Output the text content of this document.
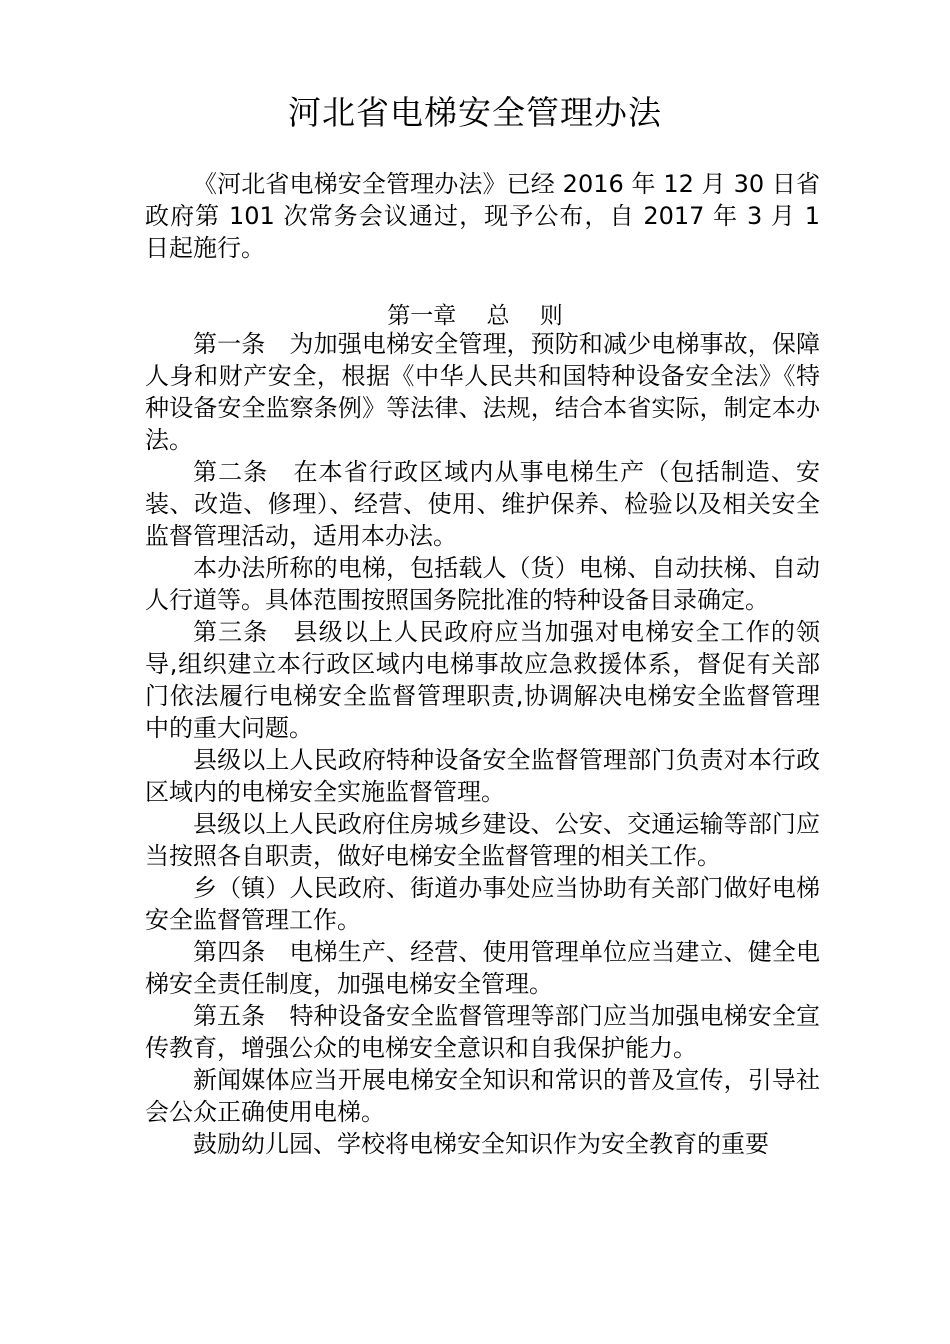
河北省电梯安全管理办法

《河北省电梯安全管理办法》已经 2016 年 12 月 30 日省政府第 101 次常务会议通过，现予公布，自 2017 年 3 月 1 日起施行。

第一章　 总　 则

第一条　为加强电梯安全管理，预防和减少电梯事故，保障人身和财产安全，根据《中华人民共和国特种设备安全法》《特种设备安全监察条例》等法律、法规，结合本省实际，制定本办法。

第二条　在本省行政区域内从事电梯生产（包括制造、安装、改造、修理）、经营、使用、维护保养、检验以及相关安全监督管理活动，适用本办法。

本办法所称的电梯，包括载人（货）电梯、自动扶梯、自动人行道等。具体范围按照国务院批准的特种设备目录确定。

第三条　县级以上人民政府应当加强对电梯安全工作的领导,组织建立本行政区域内电梯事故应急救援体系，督促有关部门依法履行电梯安全监督管理职责,协调解决电梯安全监督管理中的重大问题。

县级以上人民政府特种设备安全监督管理部门负责对本行政区域内的电梯安全实施监督管理。

县级以上人民政府住房城乡建设、公安、交通运输等部门应当按照各自职责，做好电梯安全监督管理的相关工作。

乡（镇）人民政府、街道办事处应当协助有关部门做好电梯安全监督管理工作。

第四条　电梯生产、经营、使用管理单位应当建立、健全电梯安全责任制度，加强电梯安全管理。

第五条　特种设备安全监督管理等部门应当加强电梯安全宣传教育，增强公众的电梯安全意识和自我保护能力。

新闻媒体应当开展电梯安全知识和常识的普及宣传，引导社会公众正确使用电梯。

鼓励幼儿园、学校将电梯安全知识作为安全教育的重要
